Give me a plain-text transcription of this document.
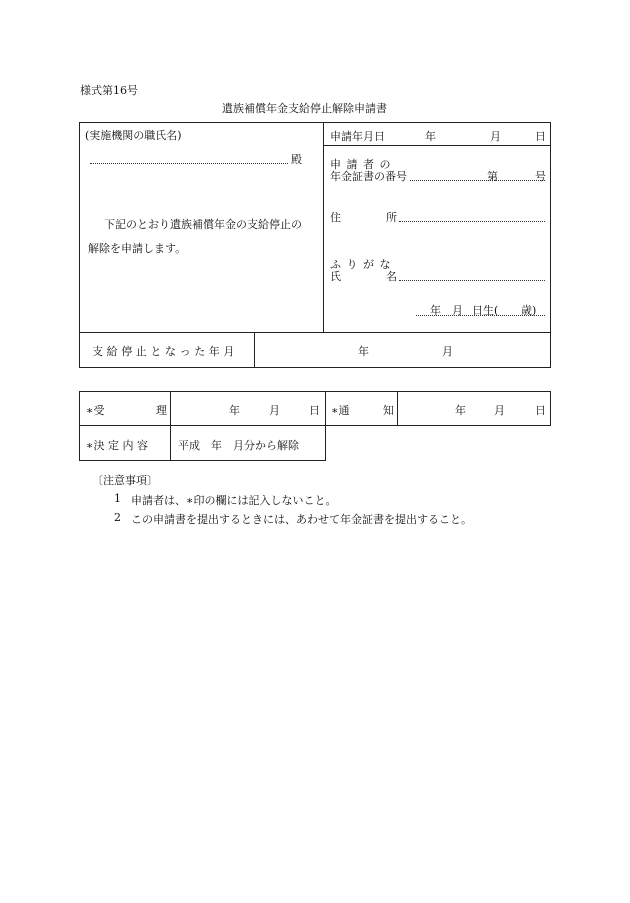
様式第16号
遺族補償年金支給停止解除申請書
(実施機関の職氏名)
殿
下記のとおり遺族補償年金の支給停止の
解除を申請します。
申請年月日	年	月	日
申 請 者 の
年金証書の番号	第	号
住	所
ふ り が な
氏	名
年 月 日生( 歳)
支給停止となった年月	年	月
∗受	理	年	月	日 ∗通	知	年	月	日
∗決 定 内 容	平成　年　月分から解除
〔注意事項〕
1 申請者は、∗印の欄には記入しないこと。
2 この申請書を提出するときには、あわせて年金証書を提出すること。
